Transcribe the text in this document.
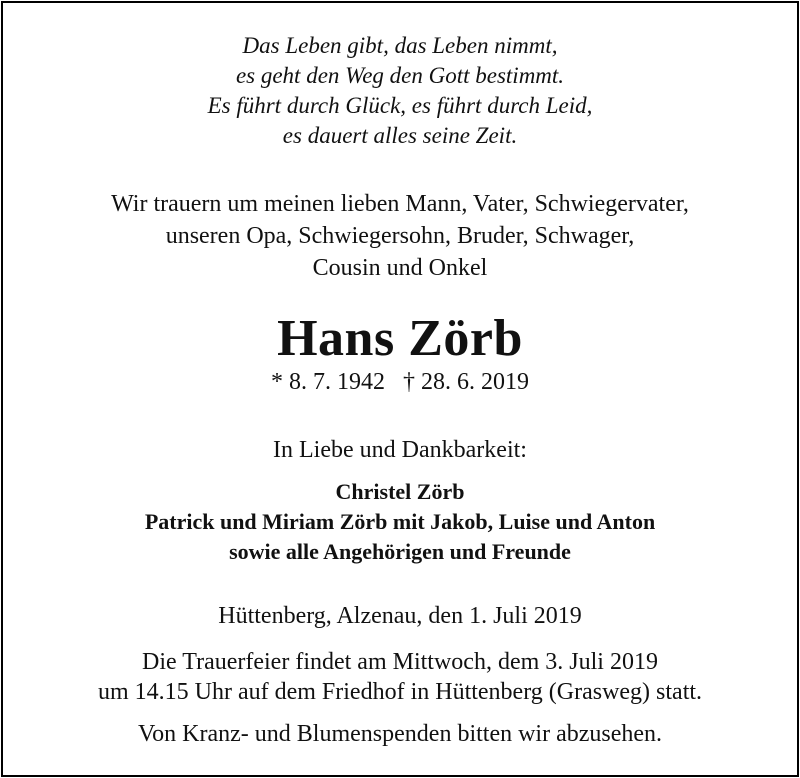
Das Leben gibt, das Leben nimmt,
es geht den Weg den Gott bestimmt.
Es führt durch Glück, es führt durch Leid,
es dauert alles seine Zeit.
Wir trauern um meinen lieben Mann, Vater, Schwiegervater,
unseren Opa, Schwiegersohn, Bruder, Schwager,
Cousin und Onkel
Hans Zörb
* 8. 7. 1942   † 28. 6. 2019
In Liebe und Dankbarkeit:
Christel Zörb
Patrick und Miriam Zörb mit Jakob, Luise und Anton
sowie alle Angehörigen und Freunde
Hüttenberg, Alzenau, den 1. Juli 2019
Die Trauerfeier findet am Mittwoch, dem 3. Juli 2019
um 14.15 Uhr auf dem Friedhof in Hüttenberg (Grasweg) statt.
Von Kranz- und Blumenspenden bitten wir abzusehen.
